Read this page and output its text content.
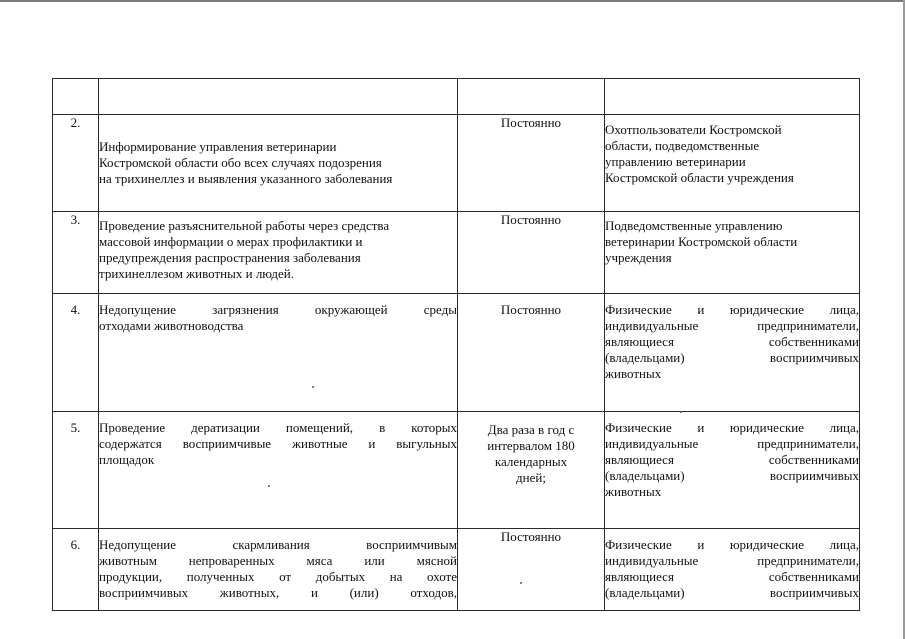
2.	Информирование управления ветеринарии
Костромской области обо всех случаях подозрения
на трихинеллез и выявления указанного заболевания	Постоянно	Охотпользователи Костромской
области, подведомственные
управлению ветеринарии
Костромской области учреждения

3.	Проведение разъяснительной работы через средства
массовой информации о мерах профилактики и
предупреждения распространения заболевания
трихинеллезом животных и людей.	Постоянно	Подведомственные управлению
ветеринарии Костромской области
учреждения

4.	Недопущение загрязнения окружающей среды
отходами животноводства	Постоянно	Физические и юридические лица,
индивидуальные предприниматели,
являющиеся собственниками
(владельцами) восприимчивых
животных

5.	Проведение дератизации помещений, в которых
содержатся восприимчивые животные и выгульных
площадок	Два раза в год с
интервалом 180
календарных
дней;	Физические и юридические лица,
индивидуальные предприниматели,
являющиеся собственниками
(владельцами) восприимчивых
животных

6.	Недопущение скармливания восприимчивым
животным непроваренных мяса или мясной
продукции, полученных от добытых на охоте
восприимчивых животных, и (или) отходов,	Постоянно	Физические и юридические лица,
индивидуальные предприниматели,
являющиеся собственниками
(владельцами) восприимчивых
